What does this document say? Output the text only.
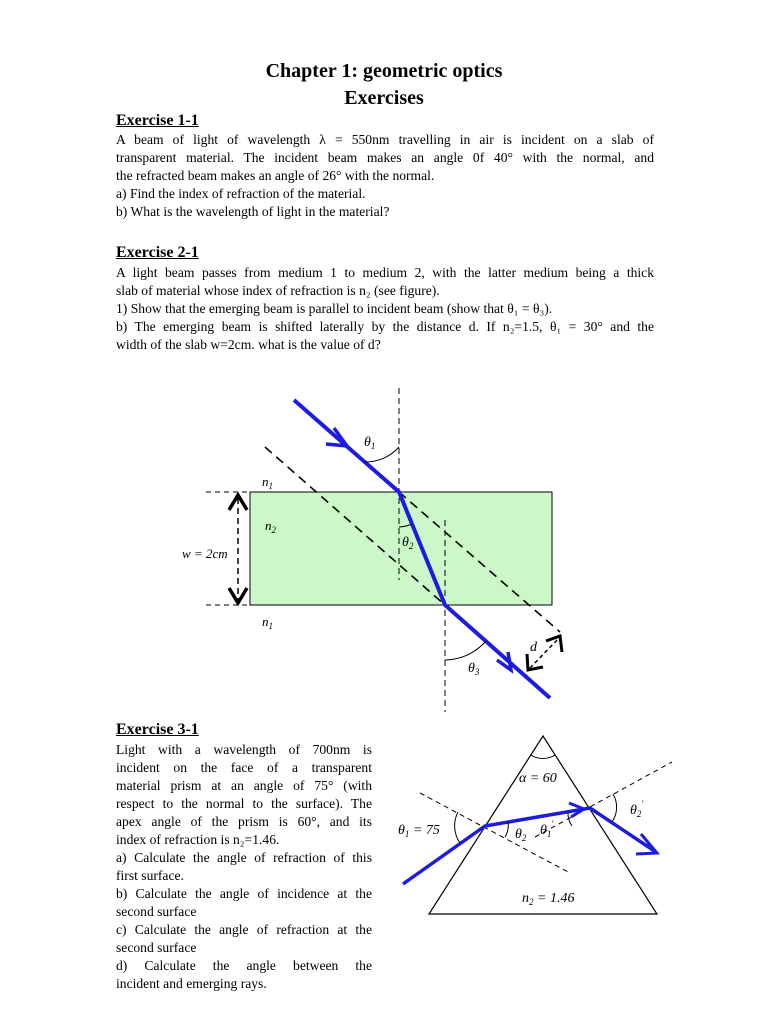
Chapter 1: geometric optics
Exercises
Exercise 1-1
A beam of light of wavelength λ = 550nm travelling in air is incident on a slab of
transparent material. The incident beam makes an angle 0f 40° with the normal, and
the refracted beam makes an angle of 26° with the normal.
a) Find the index of refraction of the material.
b) What is the wavelength of light in the material?
Exercise 2-1
A light beam passes from medium 1 to medium 2, with the latter medium being a thick
slab of material whose index of refraction is n₂ (see figure).
1) Show that the emerging beam is parallel to incident beam (show that θ₁ = θ₃).
b) The emerging beam is shifted laterally by the distance d. If n₂=1.5, θ₁ = 30° and the
width of the slab w=2cm. what is the value of d?
$\theta_1$
$\theta_2$
$\theta_3$
$n_1$
$n_2$
$n_1$
w = 2cm
d
Exercise 3-1
Light with a wavelength of 700nm is
incident on the face of a transparent
material prism at an angle of 75° (with
respect to the normal to the surface). The
apex angle of the prism is 60°, and its
index of refraction is n₂=1.46.
a) Calculate the angle of refraction of this
first surface.
b) Calculate the angle of incidence at the
second surface
c) Calculate the angle of refraction at the
second surface
d) Calculate the angle between the
incident and emerging rays.
α = 60
$\theta_1 = 75$	$\theta_2$ $\theta_1'$
$\theta_2'$
$n_2 = 1.46$
